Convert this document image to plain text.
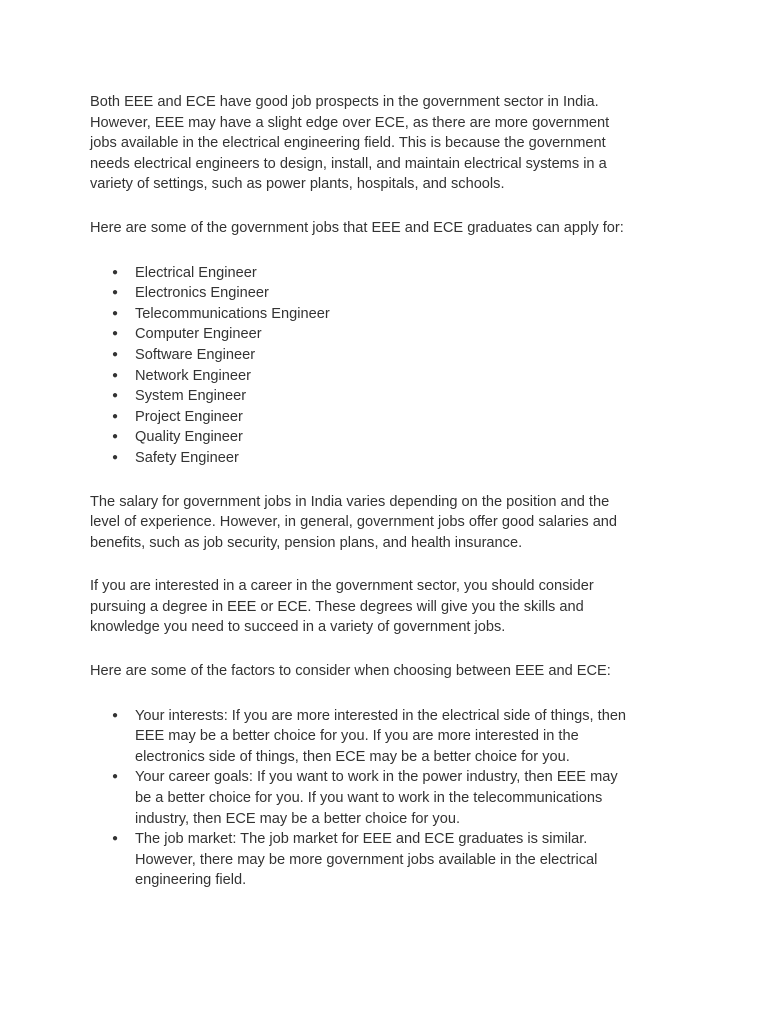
Both EEE and ECE have good job prospects in the government sector in India. However, EEE may have a slight edge over ECE, as there are more government jobs available in the electrical engineering field. This is because the government needs electrical engineers to design, install, and maintain electrical systems in a variety of settings, such as power plants, hospitals, and schools.

Here are some of the government jobs that EEE and ECE graduates can apply for:

● Electrical Engineer
● Electronics Engineer
● Telecommunications Engineer
● Computer Engineer
● Software Engineer
● Network Engineer
● System Engineer
● Project Engineer
● Quality Engineer
● Safety Engineer

The salary for government jobs in India varies depending on the position and the level of experience. However, in general, government jobs offer good salaries and benefits, such as job security, pension plans, and health insurance.

If you are interested in a career in the government sector, you should consider pursuing a degree in EEE or ECE. These degrees will give you the skills and knowledge you need to succeed in a variety of government jobs.

Here are some of the factors to consider when choosing between EEE and ECE:

● Your interests: If you are more interested in the electrical side of things, then EEE may be a better choice for you. If you are more interested in the electronics side of things, then ECE may be a better choice for you.
● Your career goals: If you want to work in the power industry, then EEE may be a better choice for you. If you want to work in the telecommunications industry, then ECE may be a better choice for you.
● The job market: The job market for EEE and ECE graduates is similar. However, there may be more government jobs available in the electrical engineering field.
